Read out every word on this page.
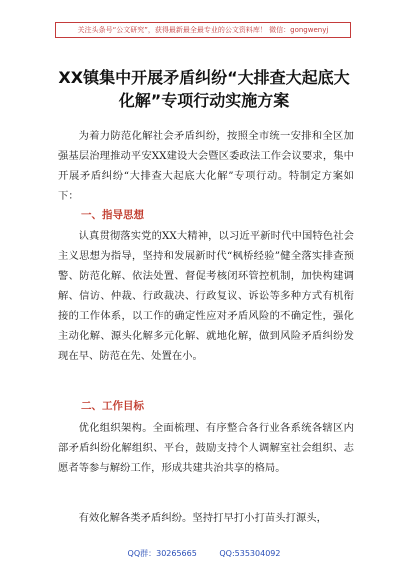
关注头条号“公文研究”，获得最新最全最专业的公文资料库！ 微信：gongwenyj
XX镇集中开展矛盾纠纷“大排查大起底大
化解”专项行动实施方案

为着力防范化解社会矛盾纠纷，按照全市统一安排和全区加强基层治理推动平安XX建设大会暨区委政法工作会议要求，集中开展矛盾纠纷“大排查大起底大化解”专项行动。特制定方案如下：

一、指导思想

认真贯彻落实党的XX大精神，以习近平新时代中国特色社会主义思想为指导，坚持和发展新时代“枫桥经验”健全落实排查预警、防范化解、依法处置、督促考核闭环管控机制，加快构建调解、信访、仲裁、行政裁决、行政复议、诉讼等多种方式有机衔接的工作体系，以工作的确定性应对矛盾风险的不确定性，强化主动化解、源头化解多元化解、就地化解，做到风险矛盾纠纷发现在早、防范在先、处置在小。

二、工作目标

优化组织架构。全面梳理、有序整合各行业各系统各辖区内部矛盾纠纷化解组织、平台，鼓励支持个人调解室社会组织、志愿者等参与解纷工作，形成共建共治共享的格局。

有效化解各类矛盾纠纷。坚持打早打小打苗头打源头，

QQ群：30265665	QQ:535304092
